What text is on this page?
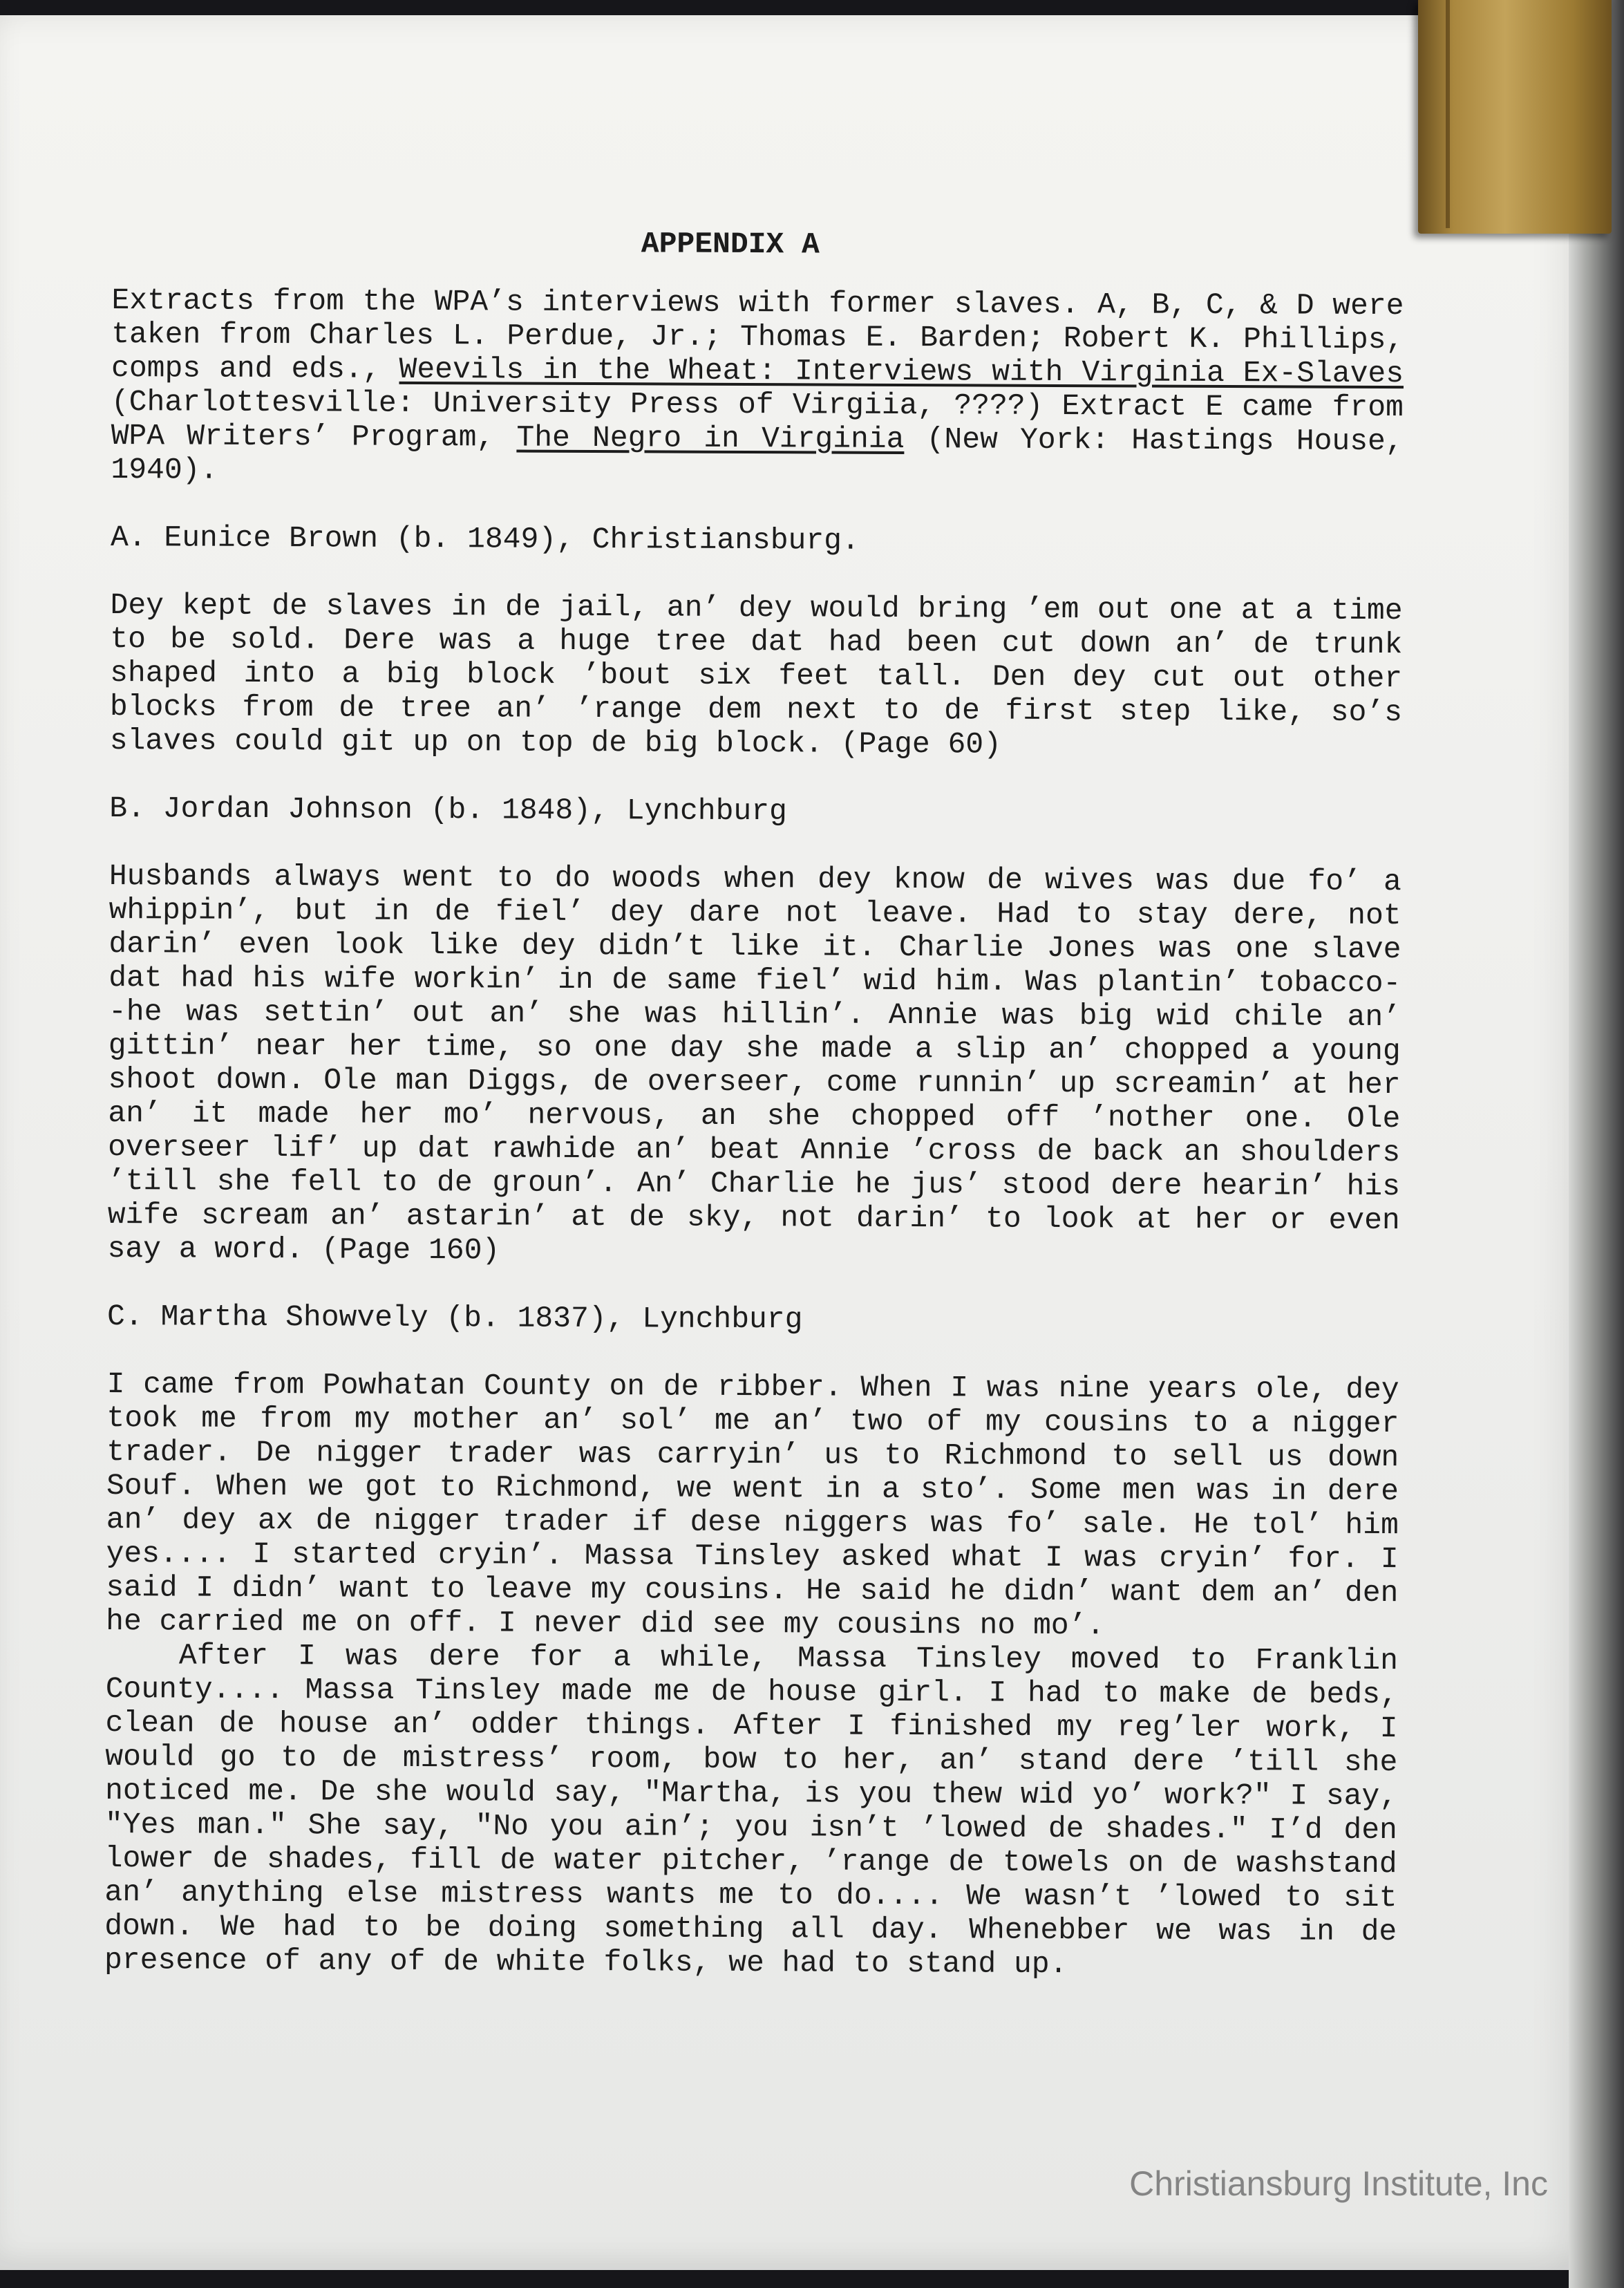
APPENDIX A

Extracts from the WPA’s interviews with former slaves. A, B, C, & D were taken from Charles L. Perdue, Jr.; Thomas E. Barden; Robert K. Phillips, comps and eds., Weevils in the Wheat: Interviews with Virginia Ex-Slaves (Charlottesville: University Press of Virgiia, ????) Extract E came from WPA Writers’ Program, The Negro in Virginia (New York: Hastings House, 1940).

A. Eunice Brown (b. 1849), Christiansburg.

Dey kept de slaves in de jail, an’ dey would bring ’em out one at a time to be sold. Dere was a huge tree dat had been cut down an’ de trunk shaped into a big block ’bout six feet tall. Den dey cut out other blocks from de tree an’ ’range dem next to de first step like, so’s slaves could git up on top de big block. (Page 60)

B. Jordan Johnson (b. 1848), Lynchburg

Husbands always went to do woods when dey know de wives was due fo’ a whippin’, but in de fiel’ dey dare not leave. Had to stay dere, not darin’ even look like dey didn’t like it. Charlie Jones was one slave dat had his wife workin’ in de same fiel’ wid him. Was plantin’ tobacco--he was settin’ out an’ she was hillin’. Annie was big wid chile an’ gittin’ near her time, so one day she made a slip an’ chopped a young shoot down. Ole man Diggs, de overseer, come runnin’ up screamin’ at her an’ it made her mo’ nervous, an she chopped off ’nother one. Ole overseer lif’ up dat rawhide an’ beat Annie ’cross de back an shoulders ’till she fell to de groun’. An’ Charlie he jus’ stood dere hearin’ his wife scream an’ astarin’ at de sky, not darin’ to look at her or even say a word. (Page 160)

C. Martha Showvely (b. 1837), Lynchburg

I came from Powhatan County on de ribber. When I was nine years ole, dey took me from my mother an’ sol’ me an’ two of my cousins to a nigger trader. De nigger trader was carryin’ us to Richmond to sell us down Souf. When we got to Richmond, we went in a sto’. Some men was in dere an’ dey ax de nigger trader if dese niggers was fo’ sale. He tol’ him yes.... I started cryin’. Massa Tinsley asked what I was cryin’ for. I said I didn’ want to leave my cousins. He said he didn’ want dem an’ den he carried me on off. I never did see my cousins no mo’.

After I was dere for a while, Massa Tinsley moved to Franklin County.... Massa Tinsley made me de house girl. I had to make de beds, clean de house an’ odder things. After I finished my reg’ler work, I would go to de mistress’ room, bow to her, an’ stand dere ’till she noticed me. De she would say, "Martha, is you thew wid yo’ work?" I say, "Yes man." She say, "No you ain’; you isn’t ’lowed de shades." I’d den lower de shades, fill de water pitcher, ’range de towels on de washstand an’ anything else mistress wants me to do.... We wasn’t ’lowed to sit down. We had to be doing something all day. Whenebber we was in de presence of any of de white folks, we had to stand up.

Christiansburg Institute, Inc
